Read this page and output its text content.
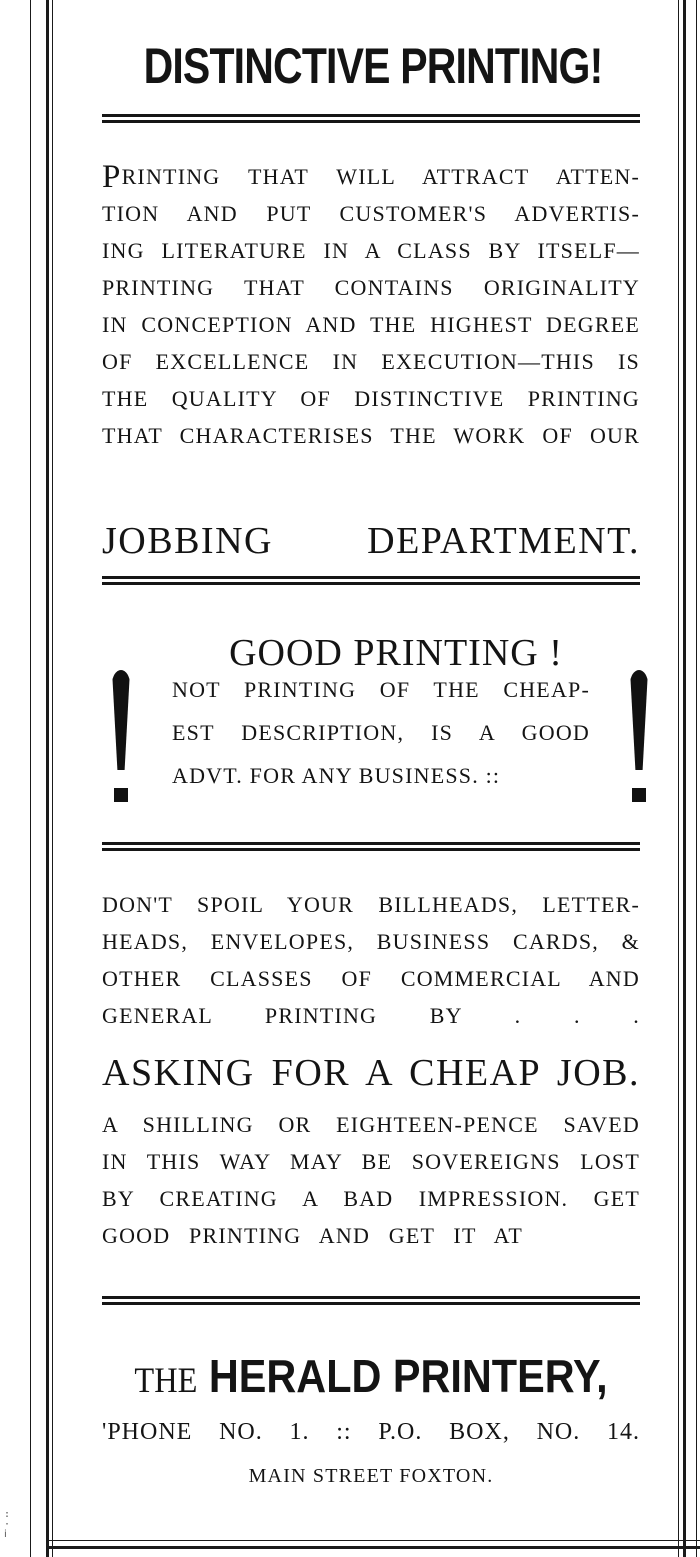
:
·
ⅰ
DISTINCTIVE PRINTING!
PRINTING THAT WILL ATTRACT ATTEN-
TION AND PUT CUSTOMER'S ADVERTIS-
ING LITERATURE IN A CLASS BY ITSELF—
PRINTING THAT CONTAINS ORIGINALITY
IN CONCEPTION AND THE HIGHEST DEGREE
OF EXCELLENCE IN EXECUTION—THIS IS
THE QUALITY OF DISTINCTIVE PRINTING
THAT CHARACTERISES THE WORK OF OUR
JOBBING DEPARTMENT.
GOOD PRINTING !
NOT PRINTING OF THE CHEAP-
EST DESCRIPTION, IS A GOOD
ADVT. FOR ANY BUSINESS. ::
DON'T SPOIL YOUR BILLHEADS, LETTER-
HEADS, ENVELOPES, BUSINESS CARDS, &
OTHER CLASSES OF COMMERCIAL AND
GENERAL PRINTING BY . . .
ASKING FOR A CHEAP JOB.
A SHILLING OR EIGHTEEN-PENCE SAVED
IN THIS WAY MAY BE SOVEREIGNS LOST
BY CREATING A BAD IMPRESSION. GET
GOOD PRINTING AND GET IT AT
THE HERALD PRINTERY,
'PHONE NO. 1. :: P.O. BOX, NO. 14.
MAIN STREET FOXTON.
